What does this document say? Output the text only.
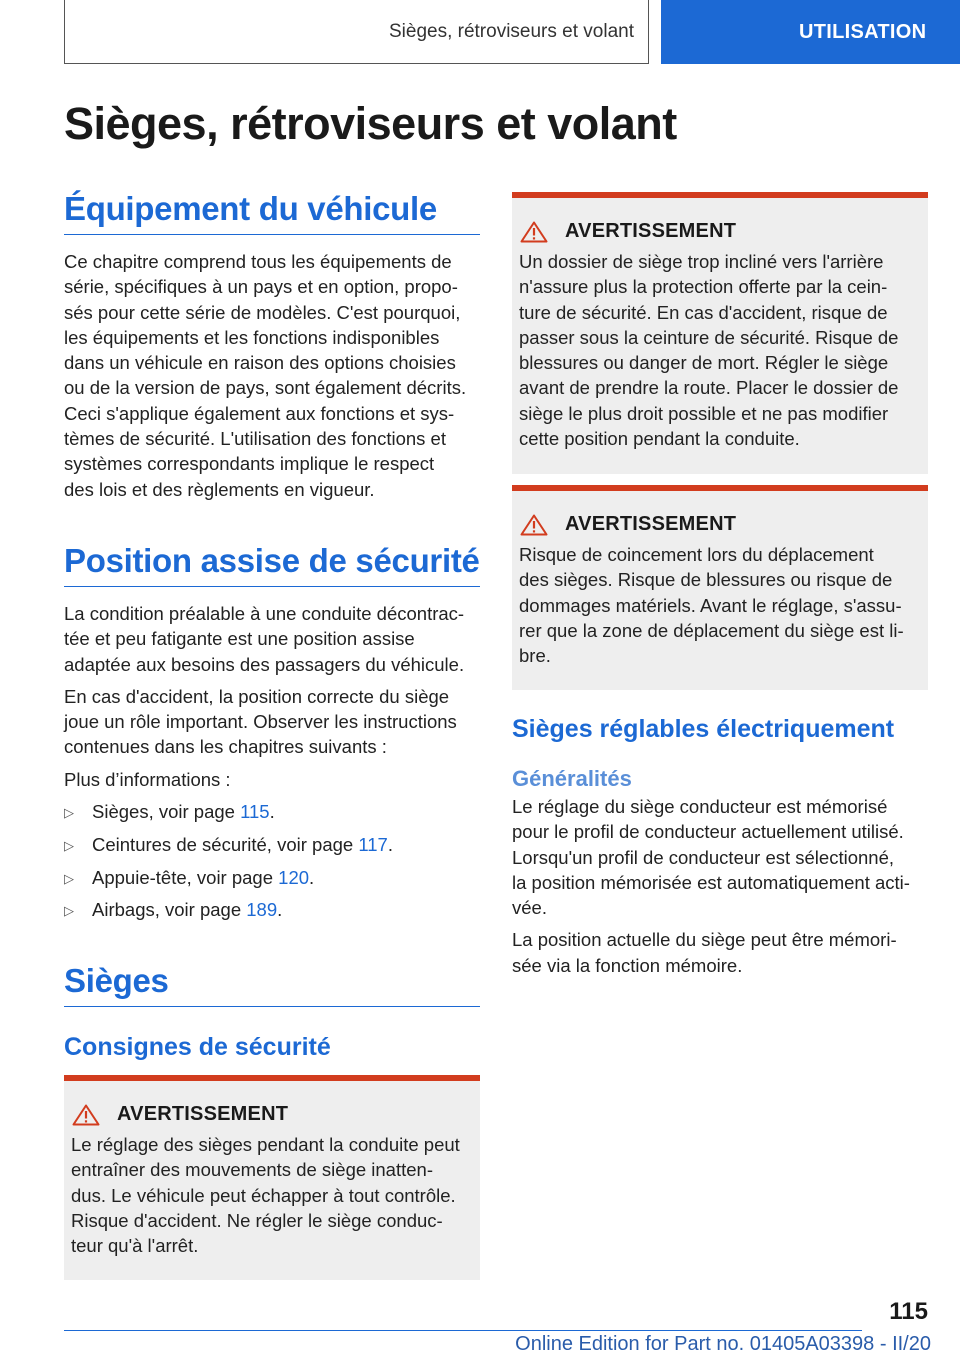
Sièges, rétroviseurs et volant	UTILISATION
Sièges, rétroviseurs et volant
Équipement du véhicule

Ce chapitre comprend tous les équipements de
série, spécifiques à un pays et en option, propo-
sés pour cette série de modèles. C'est pourquoi,
les équipements et les fonctions indisponibles
dans un véhicule en raison des options choisies
ou de la version de pays, sont également décrits.
Ceci s'applique également aux fonctions et sys-
tèmes de sécurité. L'utilisation des fonctions et
systèmes correspondants implique le respect
des lois et des règlements en vigueur.

Position assise de sécurité

La condition préalable à une conduite décontrac-
tée et peu fatigante est une position assise
adaptée aux besoins des passagers du véhicule.

En cas d'accident, la position correcte du siège
joue un rôle important. Observer les instructions
contenues dans les chapitres suivants :

Plus d’informations :

▷ Sièges, voir page 115.
▷ Ceintures de sécurité, voir page 117.
▷ Appuie-tête, voir page 120.
▷ Airbags, voir page 189.
Sièges
Consignes de sécurité
AVERTISSEMENT

Le réglage des sièges pendant la conduite peut
entraîner des mouvements de siège inatten-
dus. Le véhicule peut échapper à tout contrôle.
Risque d'accident. Ne régler le siège conduc-
teur qu'à l'arrêt.

AVERTISSEMENT

Un dossier de siège trop incliné vers l'arrière
n'assure plus la protection offerte par la cein-
ture de sécurité. En cas d'accident, risque de
passer sous la ceinture de sécurité. Risque de
blessures ou danger de mort. Régler le siège
avant de prendre la route. Placer le dossier de
siège le plus droit possible et ne pas modifier
cette position pendant la conduite.

AVERTISSEMENT

Risque de coincement lors du déplacement
des sièges. Risque de blessures ou risque de
dommages matériels. Avant le réglage, s'assu-
rer que la zone de déplacement du siège est li-
bre.

Sièges réglables électriquement
Généralités

Le réglage du siège conducteur est mémorisé
pour le profil de conducteur actuellement utilisé.
Lorsqu'un profil de conducteur est sélectionné,
la position mémorisée est automatiquement acti-
vée.

La position actuelle du siège peut être mémori-
sée via la fonction mémoire.

115
Online Edition for Part no. 01405A03398 - II/20
